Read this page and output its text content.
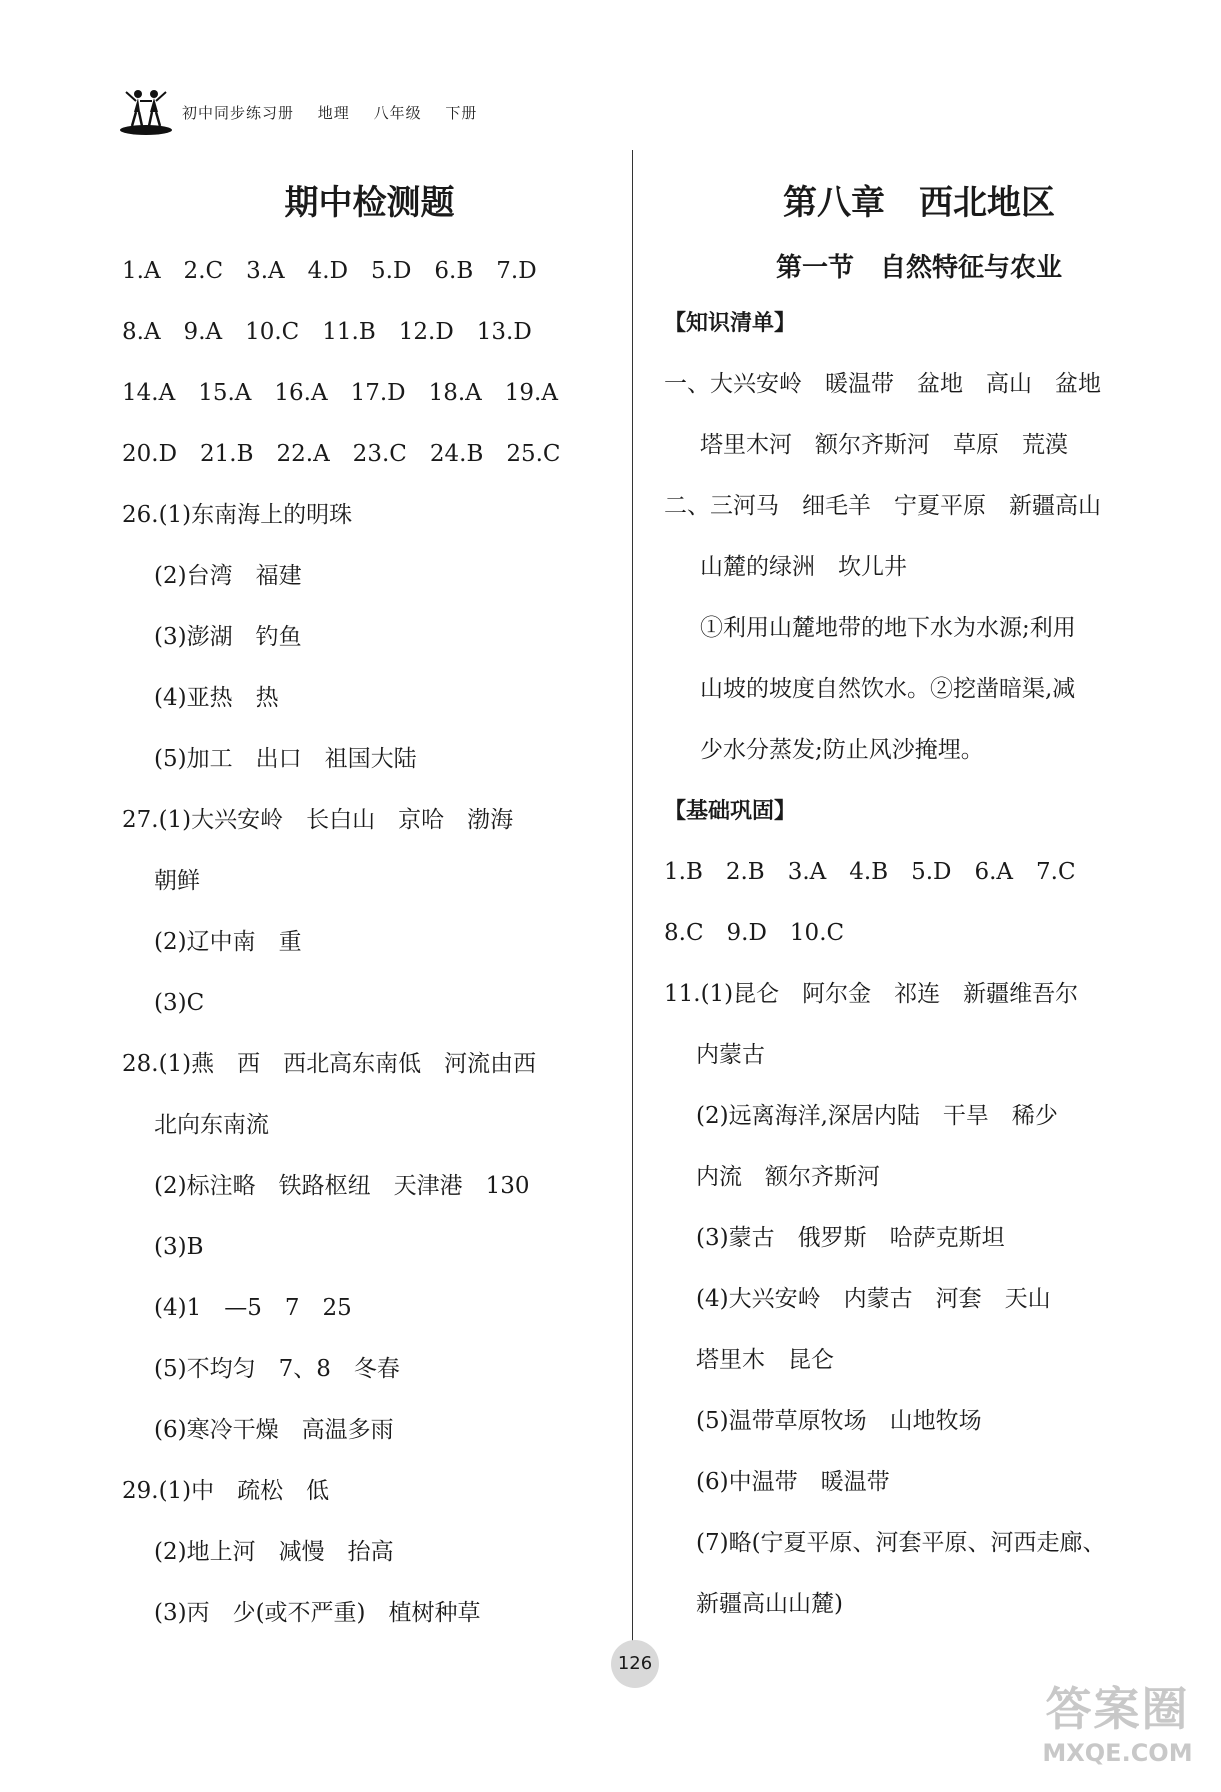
初中同步练习册 地理 八年级 下册
期中检测题
1.A　2.C　3.A　4.D　5.D　6.B　7.D
8.A　9.A　10.C　11.B　12.D　13.D
14.A　15.A　16.A　17.D　18.A　19.A
20.D　21.B　22.A　23.C　24.B　25.C
26.(1)东南海上的明珠
(2)台湾　福建
(3)澎湖　钓鱼
(4)亚热　热
(5)加工　出口　祖国大陆
27.(1)大兴安岭　长白山　京哈　渤海
朝鲜
(2)辽中南　重
(3)C
28.(1)燕　西　西北高东南低　河流由西
北向东南流
(2)标注略　铁路枢纽　天津港　130
(3)B
(4)1　—5　7　25
(5)不均匀　7、8　冬春
(6)寒冷干燥　高温多雨
29.(1)中　疏松　低
(2)地上河　减慢　抬高
(3)丙　少(或不严重)　植树种草
第八章　西北地区
第一节　自然特征与农业
【知识清单】
一、大兴安岭　暖温带　盆地　高山　盆地
塔里木河　额尔齐斯河　草原　荒漠
二、三河马　细毛羊　宁夏平原　新疆高山
山麓的绿洲　坎儿井
①利用山麓地带的地下水为水源;利用
山坡的坡度自然饮水。②挖凿暗渠,减
少水分蒸发;防止风沙掩埋。
【基础巩固】
1.B　2.B　3.A　4.B　5.D　6.A　7.C
8.C　9.D　10.C
11.(1)昆仑　阿尔金　祁连　新疆维吾尔
内蒙古
(2)远离海洋,深居内陆　干旱　稀少
内流　额尔齐斯河
(3)蒙古　俄罗斯　哈萨克斯坦
(4)大兴安岭　内蒙古　河套　天山
塔里木　昆仑
(5)温带草原牧场　山地牧场
(6)中温带　暖温带
(7)略(宁夏平原、河套平原、河西走廊、
新疆高山山麓)
126
答案圈
MXQE.COM
